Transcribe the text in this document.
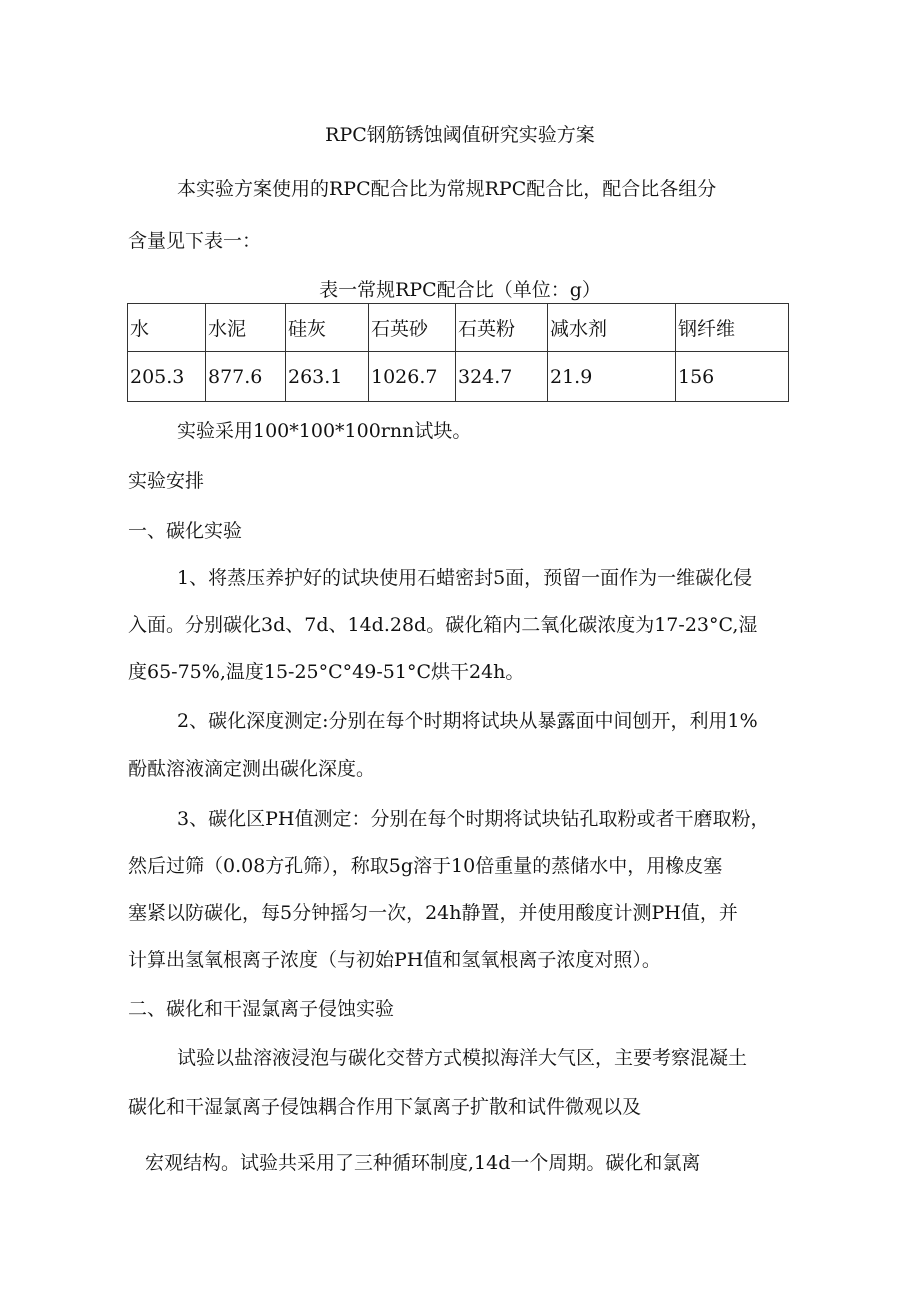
RPC钢筋锈蚀阈值研究实验方案
本实验方案使用的RPC配合比为常规RPC配合比，配合比各组分
含量见下表一：
表一常规RPC配合比（单位：g）
水	水泥	硅灰	石英砂	石英粉	减水剂	钢纤维
205.3	877.6	263.1	1026.7	324.7	21.9	156
实验采用100*100*100rnn试块。
实验安排
一、碳化实验
1、将蒸压养护好的试块使用石蜡密封5面，预留一面作为一维碳化侵
入面。分别碳化3d、7d、14d.28d。碳化箱内二氧化碳浓度为17-23°C,湿
度65-75%,温度15-25°C°49-51°C烘干24h。
2、碳化深度测定:分别在每个时期将试块从暴露面中间刨开，利用1%
酚酞溶液滴定测出碳化深度。
3、碳化区PH值测定：分别在每个时期将试块钻孔取粉或者干磨取粉，
然后过筛（0.08方孔筛），称取5g溶于10倍重量的蒸储水中，用橡皮塞
塞紧以防碳化，每5分钟摇匀一次，24h静置，并使用酸度计测PH值，并
计算出氢氧根离子浓度（与初始PH值和氢氧根离子浓度对照）。
二、碳化和干湿氯离子侵蚀实验
试验以盐溶液浸泡与碳化交替方式模拟海洋大气区，主要考察混凝土
碳化和干湿氯离子侵蚀耦合作用下氯离子扩散和试件微观以及
宏观结构。试验共采用了三种循环制度,14d一个周期。碳化和氯离
